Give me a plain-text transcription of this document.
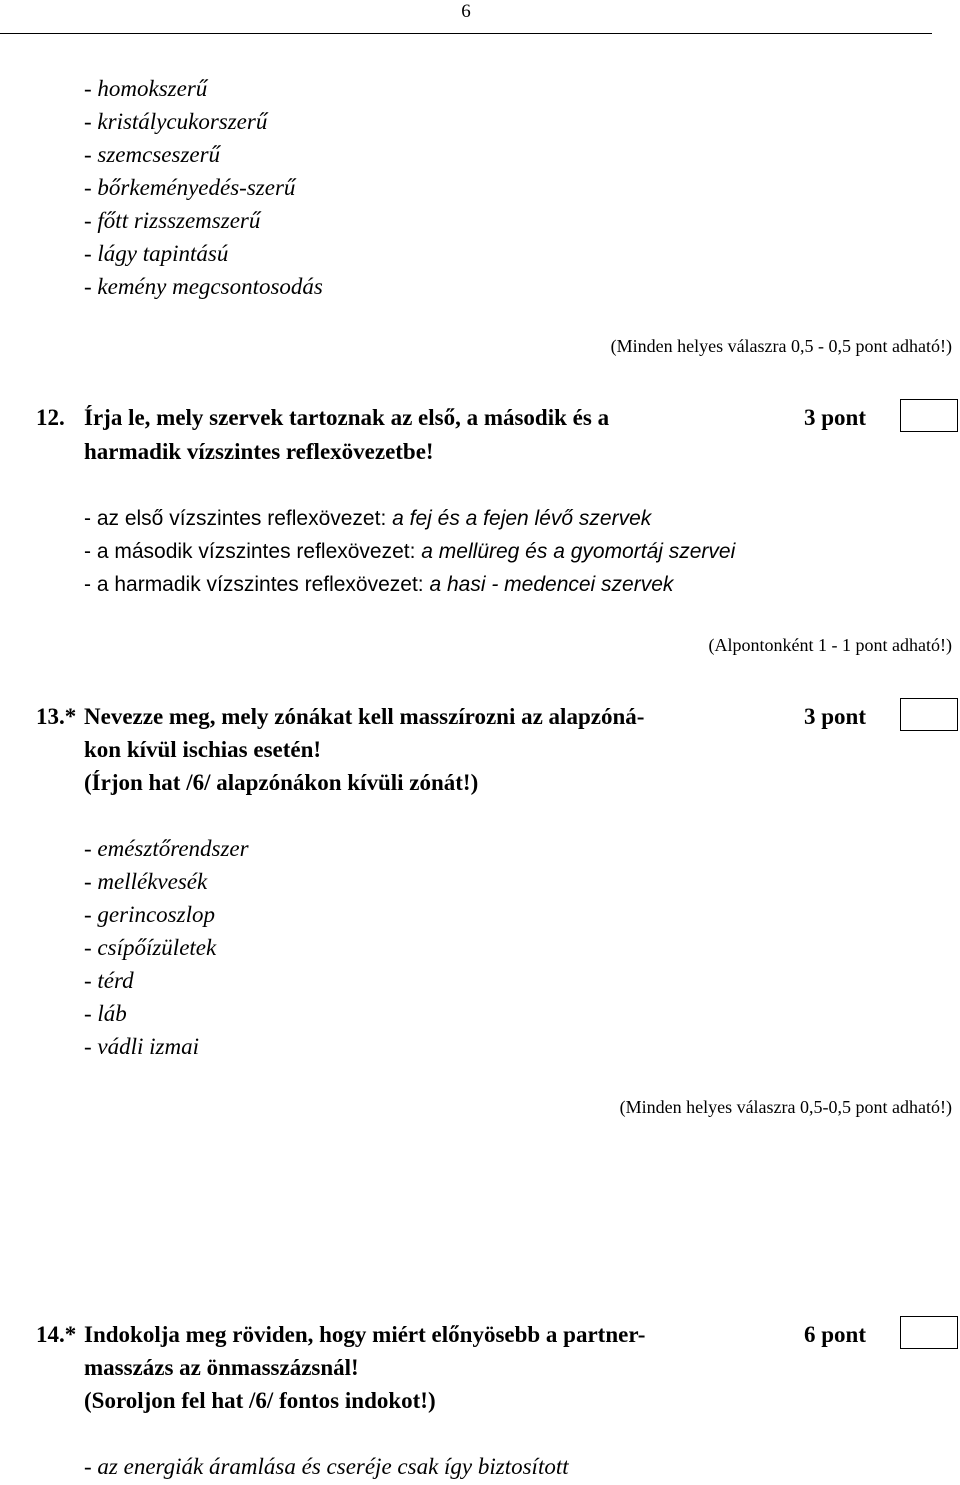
6
- homokszerű
- kristálycukorszerű
- szemcseszerű
- bőrkeményedés-szerű
- főtt rizsszemszerű
- lágy tapintású
- kemény megcsontosodás
(Minden helyes válaszra 0,5 - 0,5 pont adható!)
12. Írja le, mely szervek tartoznak az első, a második és a
harmadik vízszintes reflexövezetbe!
3 pont
- az első vízszintes reflexövezet: a fej és a fejen lévő szervek
- a második vízszintes reflexövezet: a mellüreg és a gyomortáj szervei
- a harmadik vízszintes reflexövezet: a hasi - medencei szervek
(Alpontonként 1 - 1 pont adható!)
13.* Nevezze meg, mely zónákat kell masszírozni az alapzóná-
kon kívül ischias esetén!
(Írjon hat /6/ alapzónákon kívüli zónát!)
3 pont
- emésztőrendszer
- mellékvesék
- gerincoszlop
- csípőízületek
- térd
- láb
- vádli izmai
(Minden helyes válaszra 0,5-0,5 pont adható!)
14.* Indokolja meg röviden, hogy miért előnyösebb a partner-
masszázs az önmasszázsnál!
(Soroljon fel hat /6/ fontos indokot!)
6 pont
- az energiák áramlása és cseréje csak így biztosított
